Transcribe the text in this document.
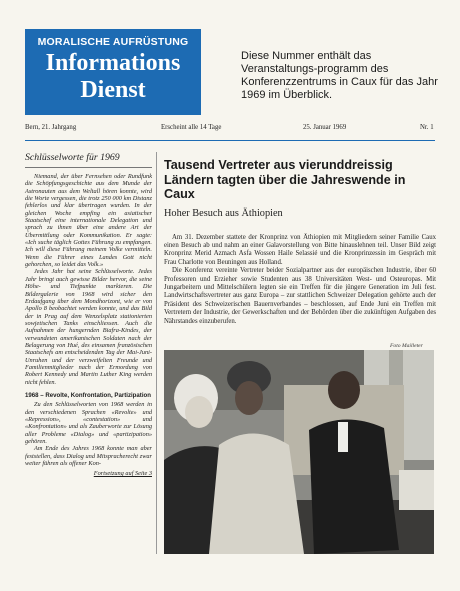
MORALISCHE AUFRÜSTUNG
Informations
Dienst
Diese Nummer enthält das Veranstaltungs-programm des Konferenzzentrums in Caux für das Jahr 1969 im Überblick.
Bern, 21. Jahrgang	Erscheint alle 14 Tage	25. Januar 1969	Nr. 1
Schlüsselworte für 1969

Niemand, der über Fernsehen oder Rundfunk die Schöpfungsgeschichte aus dem Munde der Astronauten aus dem Weltall hören konnte, wird die Worte vergessen, die trotz 250 000 km Distanz fehlerlos und klar übertragen wurden. In der gleichen Woche empfing ein asiatischer Staatschef eine internationale Delegation und sprach zu ihnen über eine andere Art der Übermittlung oder Kommunikation. Er sagte: «Ich suche täglich Gottes Führung zu empfangen. Ich will diese Führung meinem Volke vermitteln. Wenn die Führer eines Landes Gott nicht gehorchen, so leidet das Volk.»

Jedes Jahr hat seine Schlüsselworte. Jedes Jahr bringt auch gewisse Bilder hervor, die seine Höhe- und Tiefpunkte markieren. Die Bildergalerie von 1968 wird sicher den Erdaufgang über dem Mondhorizont, wie er von Apollo 8 beobachtet werden konnte, und das Bild der in Prag auf dem Wenzelsplatz stationierten sowjetischen Tanks einschliessen. Auch die Aufnahmen der hungernden Biafra-Kindes, der verwundeten amerikanischen Soldaten nach der Belagerung von Hué, des einsamen französischen Staatschefs am entscheidenden Tag der Mai-Juni-Unruhen und der verzweifelten Freunde und Familienmitglieder nach der Ermordung von Robert Kennedy und Martin Luther King werden nicht fehlen.

1968 – Revolte, Konfrontation, Partizipation

Zu den Schlüsselworten von 1968 werden in den verschiedenen Sprachen «Revolte» und «Repression», «contestation» und «Konfrontation» und als Zauberworte zur Lösung aller Probleme «Dialog» und «partizipation» gehören.

Am Ende des Jahres 1968 konnte man aber feststellen, dass Dialog und Mitspracherecht zwar weiter führen als offener Kon-

Fortsetzung auf Seite 3
Tausend Vertreter aus vierunddreissig Ländern tagten über die Jahreswende in Caux
Hoher Besuch aus Äthiopien

Am 31. Dezember stattete der Kronprinz von Äthiopien mit Mitgliedern seiner Familie Caux einen Besuch ab und nahm an einer Galavorstellung von Bitte hinauslehnen teil. Unser Bild zeigt Kronprinz Merid Azmach Asfa Wossen Haile Selassié und die Kronprinzessin im Gespräch mit Frau Charlotte von Beuningen aus Holland.

Die Konferenz vereinte Vertreter beider Sozialpartner aus der europäischen Industrie, über 60 Professoren und Erzieher sowie Studenten aus 38 Universitäten West- und Osteuropas. Mit Jungarbeitern und Mittelschülern legten sie ein Treffen für die jüngere Generation im Juli fest. Landwirtschaftsvertreter aus ganz Europa – zur stattlichen Schweizer Delegation gehörte auch der Präsident des Schweizerischen Bauernverbandes – beschlossen, auf Ende Juni ein Treffen mit Vertretern der Industrie, der Gewerkschaften und der Behörden über die zukünftigen Aufgaben des Nährstandes einzuberufen.

Foto Mailleter
